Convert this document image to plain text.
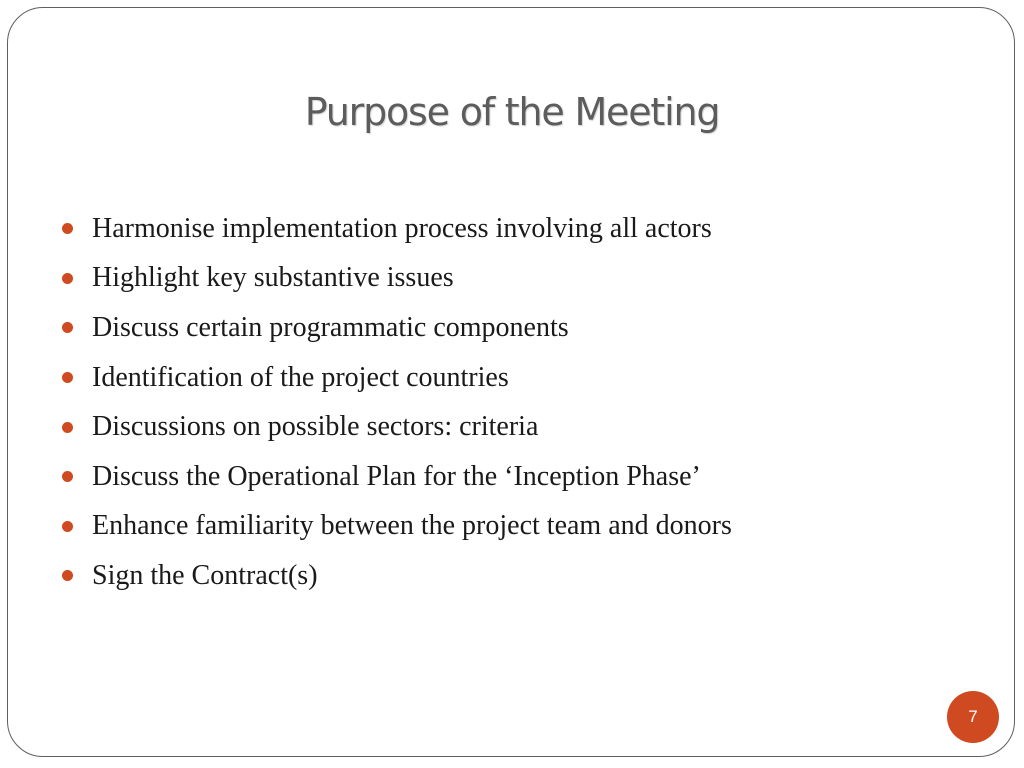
Purpose of the Meeting
Harmonise implementation process involving all actors
Highlight key substantive issues
Discuss certain programmatic components
Identification of the project countries
Discussions on possible sectors: criteria
Discuss the Operational Plan for the ‘Inception Phase’
Enhance familiarity between the project team and donors
Sign the Contract(s)
7
